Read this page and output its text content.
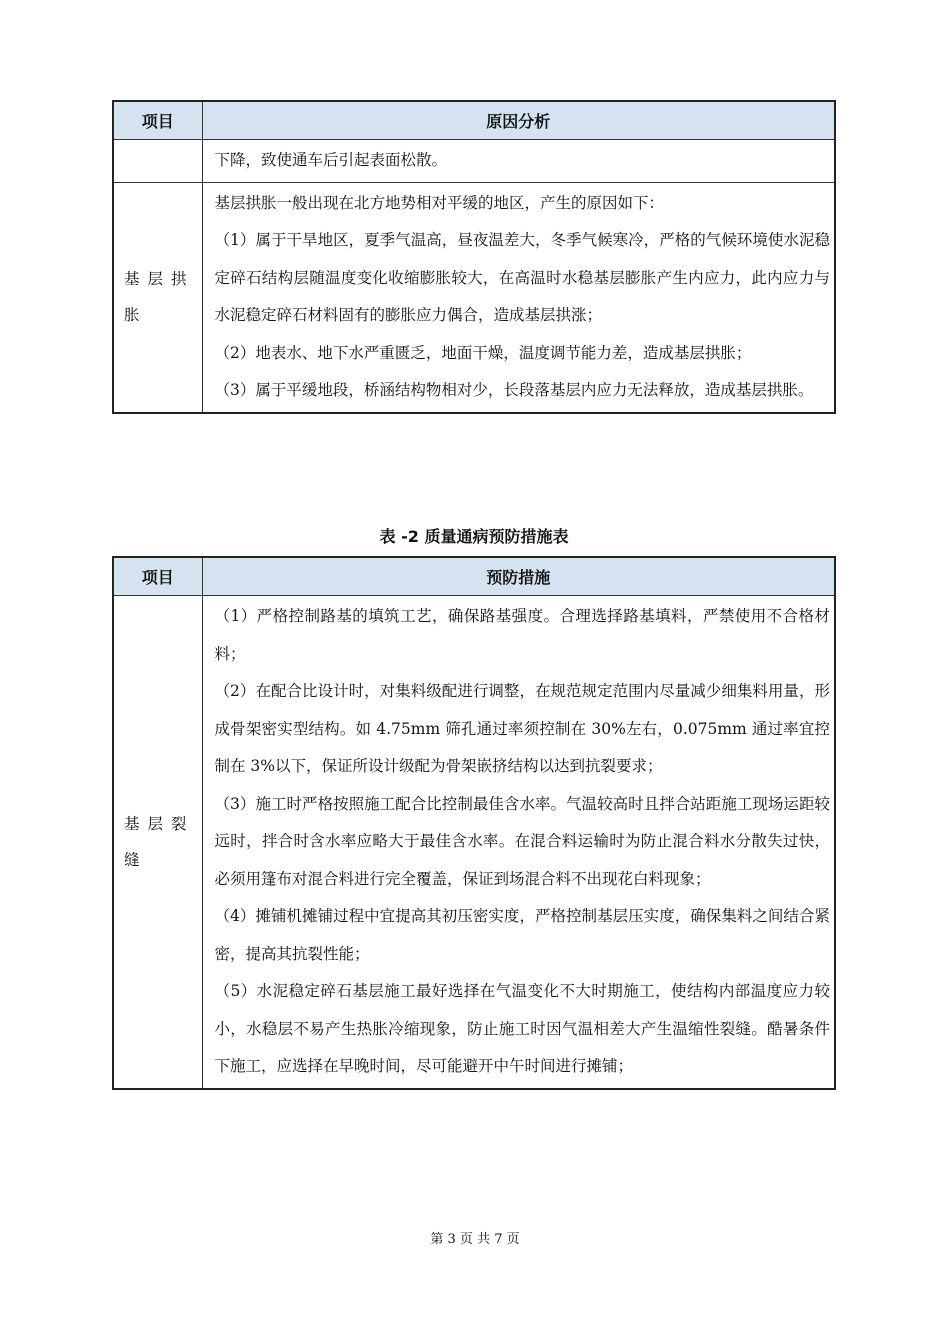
项目	原因分析

	下降，致使通车后引起表面松散。

基层拱胀	基层拱胀一般出现在北方地势相对平缓的地区，产生的原因如下：

（1）属于干旱地区，夏季气温高，昼夜温差大，冬季气候寒冷，严格的气候环境使水泥稳定碎石结构层随温度变化收缩膨胀较大，在高温时水稳基层膨胀产生内应力，此内应力与水泥稳定碎石材料固有的膨胀应力偶合，造成基层拱涨；

（2）地表水、地下水严重匮乏，地面干燥，温度调节能力差，造成基层拱胀；

（3）属于平缓地段，桥涵结构物相对少，长段落基层内应力无法释放，造成基层拱胀。

表 -2 质量通病预防措施表
项目	预防措施

基层裂缝	（1）严格控制路基的填筑工艺，确保路基强度。合理选择路基填料，严禁使用不合格材料；

（2）在配合比设计时，对集料级配进行调整，在规范规定范围内尽量减少细集料用量，形成骨架密实型结构。如 4.75mm 筛孔通过率须控制在 30%左右，0.075mm 通过率宜控制在 3%以下，保证所设计级配为骨架嵌挤结构以达到抗裂要求；

（3）施工时严格按照施工配合比控制最佳含水率。气温较高时且拌合站距施工现场运距较远时，拌合时含水率应略大于最佳含水率。在混合料运输时为防止混合料水分散失过快，必须用篷布对混合料进行完全覆盖，保证到场混合料不出现花白料现象；

（4）摊铺机摊铺过程中宜提高其初压密实度，严格控制基层压实度，确保集料之间结合紧密，提高其抗裂性能；

（5）水泥稳定碎石基层施工最好选择在气温变化不大时期施工，使结构内部温度应力较小，水稳层不易产生热胀冷缩现象，防止施工时因气温相差大产生温缩性裂缝。酷暑条件下施工，应选择在早晚时间，尽可能避开中午时间进行摊铺；

第 3 页 共 7 页
